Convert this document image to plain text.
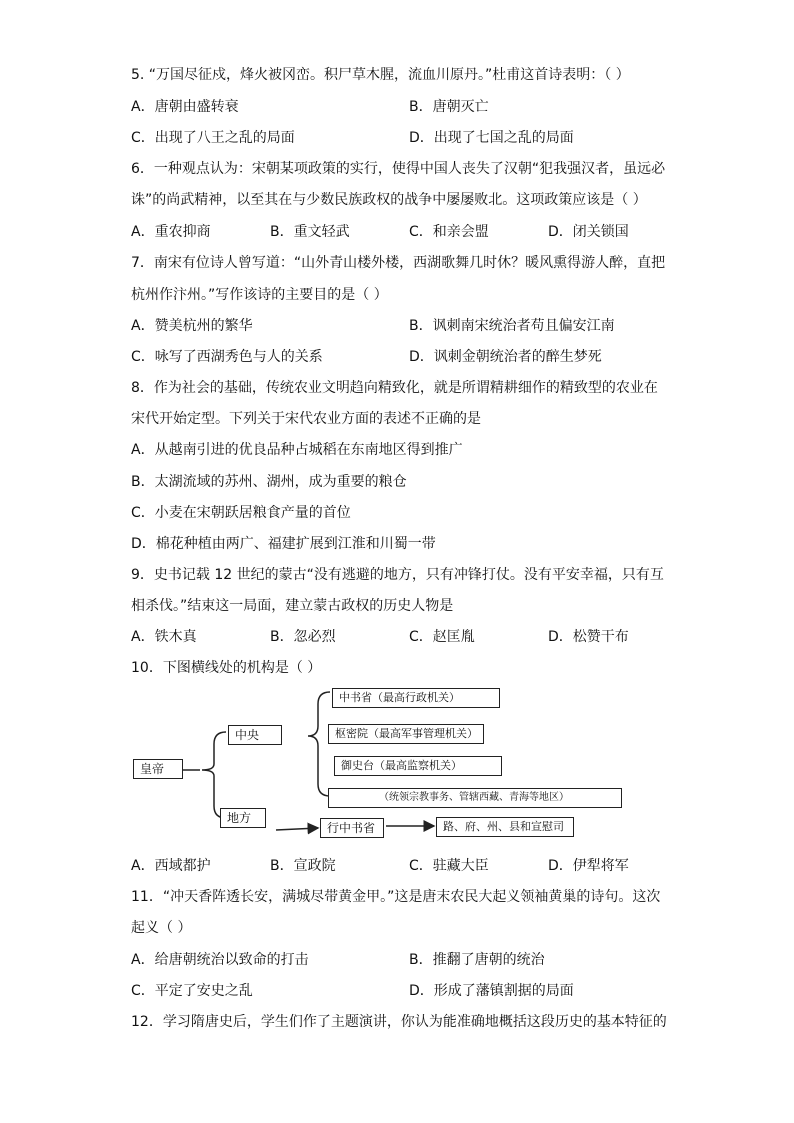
5. “万国尽征戍，烽火被冈峦。积尸草木腥，流血川原丹。”杜甫这首诗表明：（ ）
A．唐朝由盛转衰	B．唐朝灭亡
C．出现了八王之乱的局面	D．出现了七国之乱的局面
6．一种观点认为：宋朝某项政策的实行，使得中国人丧失了汉朝“犯我强汉者，虽远必
诛”的尚武精神，以至其在与少数民族政权的战争中屡屡败北。这项政策应该是（ ）
A．重农抑商	B．重文轻武	C．和亲会盟	D．闭关锁国
7．南宋有位诗人曾写道：“山外青山楼外楼，西湖歌舞几时休？暖风熏得游人醉，直把
杭州作汴州。”写作该诗的主要目的是（ ）
A．赞美杭州的繁华	B．讽刺南宋统治者苟且偏安江南
C．咏写了西湖秀色与人的关系	D．讽刺金朝统治者的醉生梦死
8．作为社会的基础，传统农业文明趋向精致化，就是所谓精耕细作的精致型的农业在
宋代开始定型。下列关于宋代农业方面的表述不正确的是
A．从越南引进的优良品种占城稻在东南地区得到推广
B．太湖流域的苏州、湖州，成为重要的粮仓
C．小麦在宋朝跃居粮食产量的首位
D．棉花种植由两广、福建扩展到江淮和川蜀一带
9．史书记载 12 世纪的蒙古“没有逃避的地方，只有冲锋打仗。没有平安幸福，只有互
相杀伐。”结束这一局面，建立蒙古政权的历史人物是
A．铁木真	B．忽必烈	C．赵匡胤	D．松赞干布
10．下图横线处的机构是（ ）
皇帝
中央
地方
中书省（最高行政机关）
枢密院（最高军事管理机关）
御史台（最高监察机关）
（统领宗教事务、管辖西藏、青海等地区）
行中书省	路、府、州、县和宣慰司
A．西域都护	B．宣政院	C．驻藏大臣	D．伊犁将军
11．“冲天香阵透长安，满城尽带黄金甲。”这是唐末农民大起义领袖黄巢的诗句。这次
起义（ ）
A．给唐朝统治以致命的打击	B．推翻了唐朝的统治
C．平定了安史之乱	D．形成了藩镇割据的局面
12．学习隋唐史后，学生们作了主题演讲，你认为能准确地概括这段历史的基本特征的
